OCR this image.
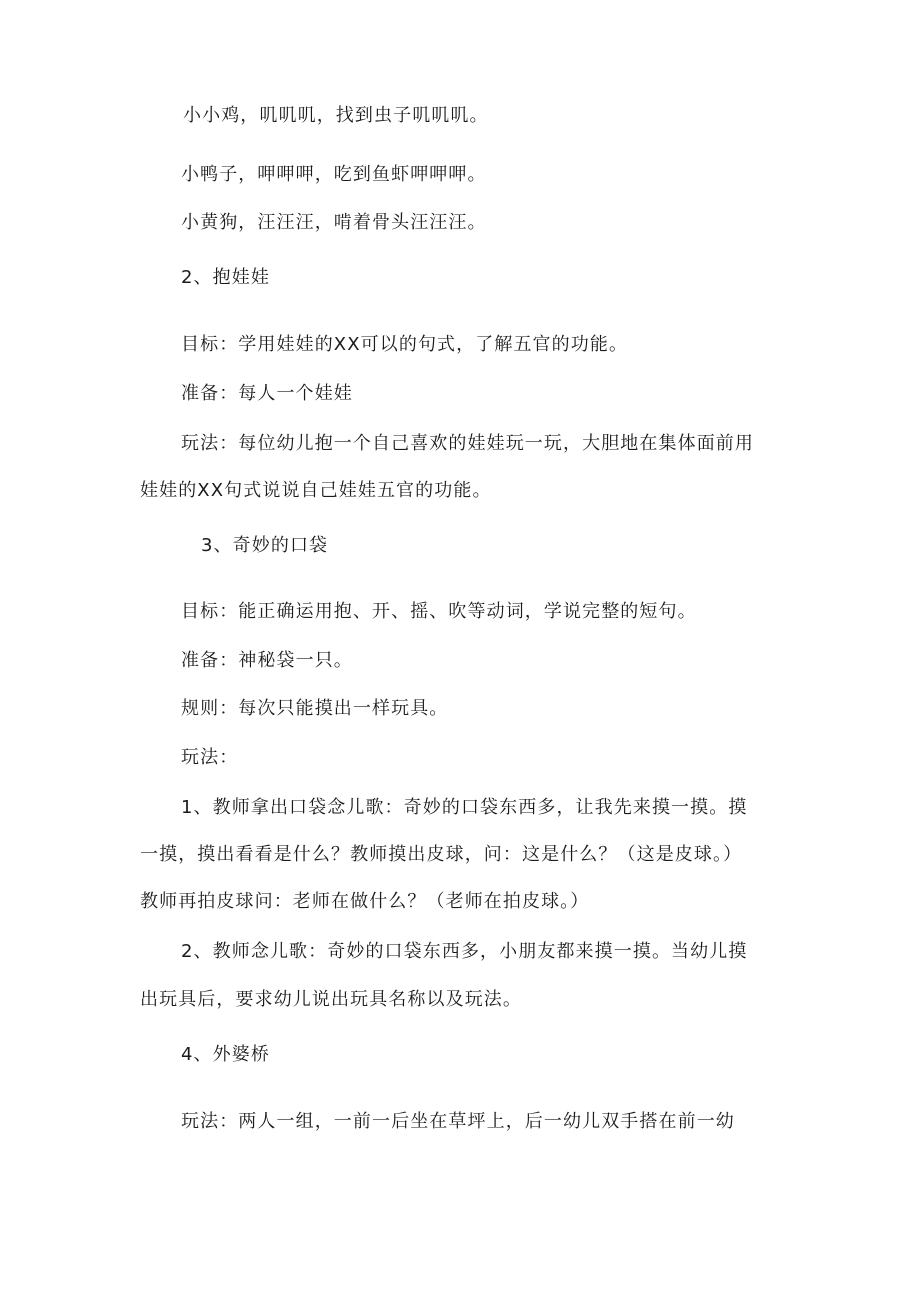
小小鸡，叽叽叽，找到虫子叽叽叽。
小鸭子，呷呷呷，吃到鱼虾呷呷呷。
小黄狗，汪汪汪，啃着骨头汪汪汪。
2、抱娃娃
目标：学用娃娃的XX可以的句式，了解五官的功能。
准备：每人一个娃娃
玩法：每位幼儿抱一个自己喜欢的娃娃玩一玩，大胆地在集体面前用
娃娃的XX句式说说自己娃娃五官的功能。
3、奇妙的口袋
目标：能正确运用抱、开、摇、吹等动词，学说完整的短句。
准备：神秘袋一只。
规则：每次只能摸出一样玩具。
玩法：
1、教师拿出口袋念儿歌：奇妙的口袋东西多，让我先来摸一摸。摸
一摸，摸出看看是什么？教师摸出皮球，问：这是什么？（这是皮球。）
教师再拍皮球问：老师在做什么？（老师在拍皮球。）
2、教师念儿歌：奇妙的口袋东西多，小朋友都来摸一摸。当幼儿摸
出玩具后，要求幼儿说出玩具名称以及玩法。
4、外婆桥
玩法：两人一组，一前一后坐在草坪上，后一幼儿双手搭在前一幼
